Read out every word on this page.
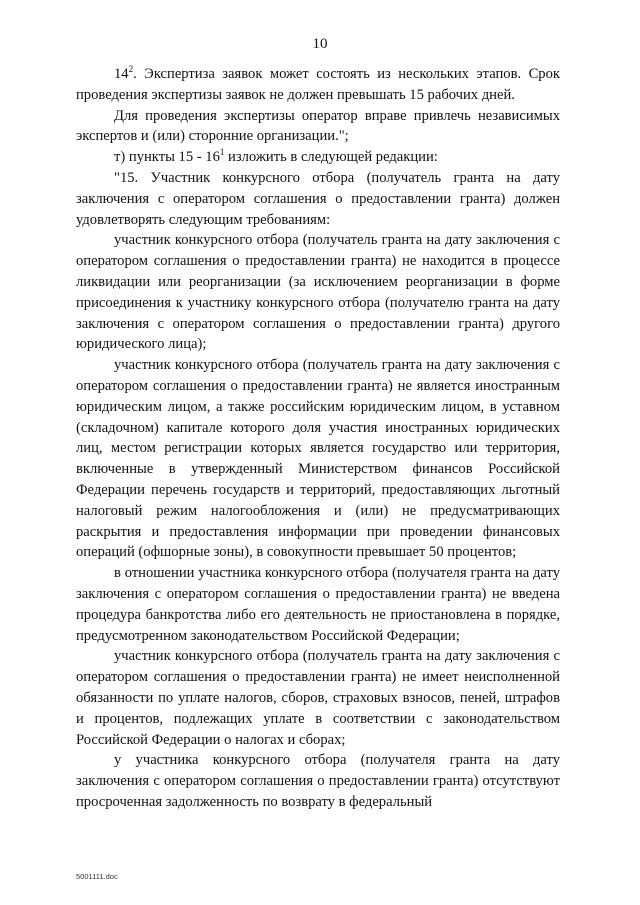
10

$14^2$. Экспертиза заявок может состоять из нескольких этапов. Срок проведения экспертизы заявок не должен превышать 15 рабочих дней.

Для проведения экспертизы оператор вправе привлечь независимых экспертов и (или) сторонние организации.";

т) пункты $15 - 16^1$ изложить в следующей редакции:

"15. Участник конкурсного отбора (получатель гранта на дату заключения с оператором соглашения о предоставлении гранта) должен удовлетворять следующим требованиям:

участник конкурсного отбора (получатель гранта на дату заключения с оператором соглашения о предоставлении гранта) не находится в процессе ликвидации или реорганизации (за исключением реорганизации в форме присоединения к участнику конкурсного отбора (получателю гранта на дату заключения с оператором соглашения о предоставлении гранта) другого юридического лица);

участник конкурсного отбора (получатель гранта на дату заключения с оператором соглашения о предоставлении гранта) не является иностранным юридическим лицом, а также российским юридическим лицом, в уставном (складочном) капитале которого доля участия иностранных юридических лиц, местом регистрации которых является государство или территория, включенные в утвержденный Министерством финансов Российской Федерации перечень государств и территорий, предоставляющих льготный налоговый режим налогообложения и (или) не предусматривающих раскрытия и предоставления информации при проведении финансовых операций (офшорные зоны), в совокупности превышает 50 процентов;

в отношении участника конкурсного отбора (получателя гранта на дату заключения с оператором соглашения о предоставлении гранта) не введена процедура банкротства либо его деятельность не приостановлена в порядке, предусмотренном законодательством Российской Федерации;

участник конкурсного отбора (получатель гранта на дату заключения с оператором соглашения о предоставлении гранта) не имеет неисполненной обязанности по уплате налогов, сборов, страховых взносов, пеней, штрафов и процентов, подлежащих уплате в соответствии с законодательством Российской Федерации о налогах и сборах;

у участника конкурсного отбора (получателя гранта на дату заключения с оператором соглашения о предоставлении гранта) отсутствуют просроченная задолженность по возврату в федеральный

5001111.doc
